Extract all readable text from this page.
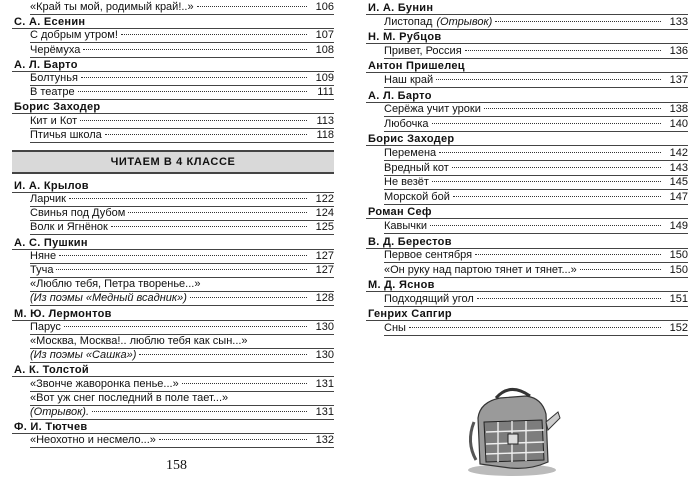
«Край ты мой, родимый край!..»	106
С. А. Есенин
С добрым утром!	107
Черёмуха	108
А. Л. Барто
Болтунья	109
В театре	111
Борис Заходер
Кит и Кот	113
Птичья школа	118
ЧИТАЕМ В 4 КЛАССЕ
И. А. Крылов
Ларчик	122
Свинья под Дубом	124
Волк и Ягнёнок	125
А. С. Пушкин
Няне	127
Туча	127
«Люблю тебя, Петра творенье...»
(Из поэмы «Медный всадник»)	128
М. Ю. Лермонтов
Парус	130
«Москва, Москва!.. люблю тебя как сын...»
(Из поэмы «Сашка»)	130
А. К. Толстой
«Звонче жаворонка пенье...»	131
«Вот уж снег последний в поле тает...»
(Отрывок).	131
Ф. И. Тютчев
«Неохотно и несмело...»	132
И. А. Бунин
Листопад (Отрывок)	133
Н. М. Рубцов
Привет, Россия	136
Антон Пришелец
Наш край	137
А. Л. Барто
Серёжа учит уроки	138
Любочка	140
Борис Заходер
Перемена	142
Вредный кот	143
Не везёт	145
Морской бой	147
Роман Сеф
Кавычки	149
В. Д. Берестов
Первое сентября	150
«Он руку над партою тянет и тянет...»	150
М. Д. Яснов
Подходящий угол	151
Генрих Сапгир
Сны	152
158
